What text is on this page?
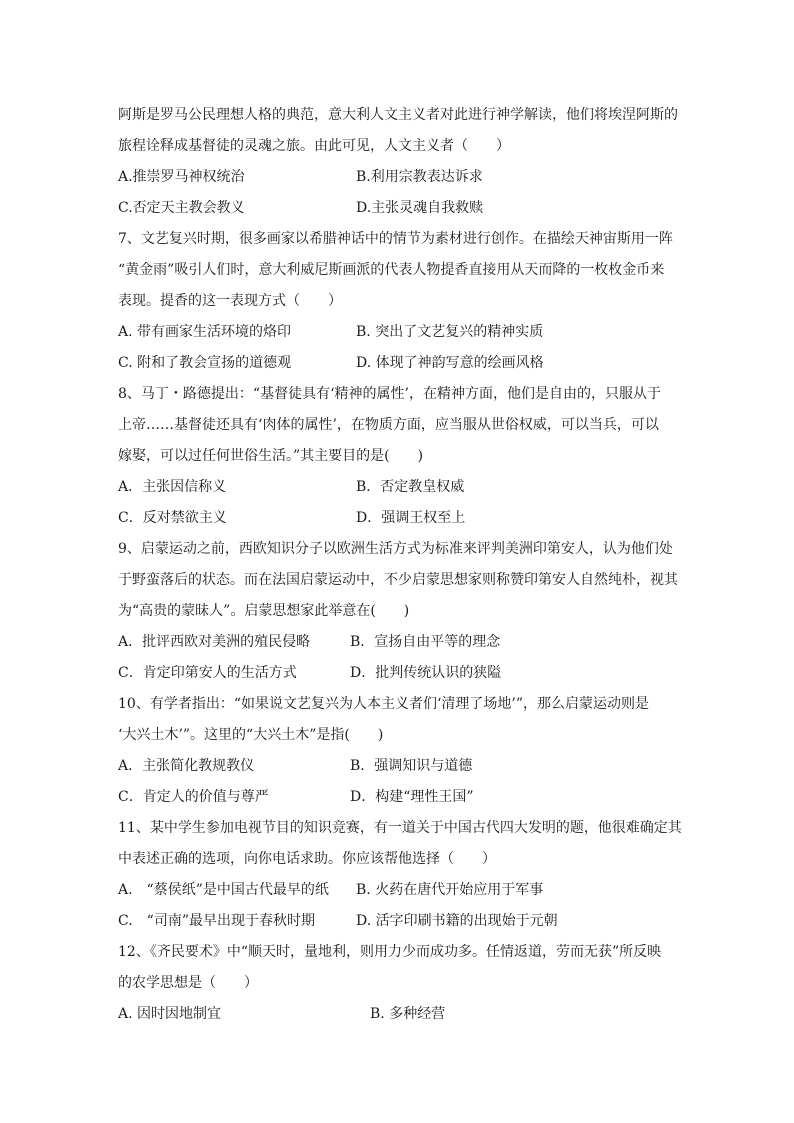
阿斯是罗马公民理想人格的典范，意大利人文主义者对此进行神学解读，他们将埃涅阿斯的
旅程诠释成基督徒的灵魂之旅。由此可见，人文主义者（　　）
A.推崇罗马神权统治	B.利用宗教表达诉求
C.否定天主教会教义	D.主张灵魂自我救赎
7、文艺复兴时期，很多画家以希腊神话中的情节为素材进行创作。在描绘天神宙斯用一阵
“黄金雨”吸引人们时，意大利威尼斯画派的代表人物提香直接用从天而降的一枚枚金币来
表现。提香的这一表现方式（　　）
A. 带有画家生活环境的烙印	B. 突出了文艺复兴的精神实质
C. 附和了教会宣扬的道德观	D. 体现了神韵写意的绘画风格
8、马丁・路德提出：“基督徒具有‘精神的属性’，在精神方面，他们是自由的，只服从于
上帝……基督徒还具有‘肉体的属性’，在物质方面，应当服从世俗权威，可以当兵，可以
嫁娶，可以过任何世俗生活。”其主要目的是(　　)
A．主张因信称义	B．否定教皇权威
C．反对禁欲主义	D．强调王权至上
9、启蒙运动之前，西欧知识分子以欧洲生活方式为标准来评判美洲印第安人，认为他们处
于野蛮落后的状态。而在法国启蒙运动中，不少启蒙思想家则称赞印第安人自然纯朴，视其
为“高贵的蒙昧人”。启蒙思想家此举意在(　　)
A．批评西欧对美洲的殖民侵略	B．宣扬自由平等的理念
C．肯定印第安人的生活方式	D．批判传统认识的狭隘
10、有学者指出：“如果说文艺复兴为人本主义者们‘清理了场地’”，那么启蒙运动则是
‘大兴土木’”。这里的“大兴土木”是指(　　)
A．主张简化教规教仪	B．强调知识与道德
C．肯定人的价值与尊严	D．构建“理性王国”
11、某中学生参加电视节目的知识竞赛，有一道关于中国古代四大发明的题，他很难确定其
中表述正确的选项，向你电话求助。你应该帮他选择（　　）
A.　“蔡侯纸”是中国古代最早的纸	B. 火药在唐代开始应用于军事
C.　“司南”最早出现于春秋时期	D. 活字印刷书籍的出现始于元朝
12、《齐民要术》中“顺天时，量地利，则用力少而成功多。任情返道，劳而无获”所反映
的农学思想是（　　）
A. 因时因地制宜	B. 多种经营
